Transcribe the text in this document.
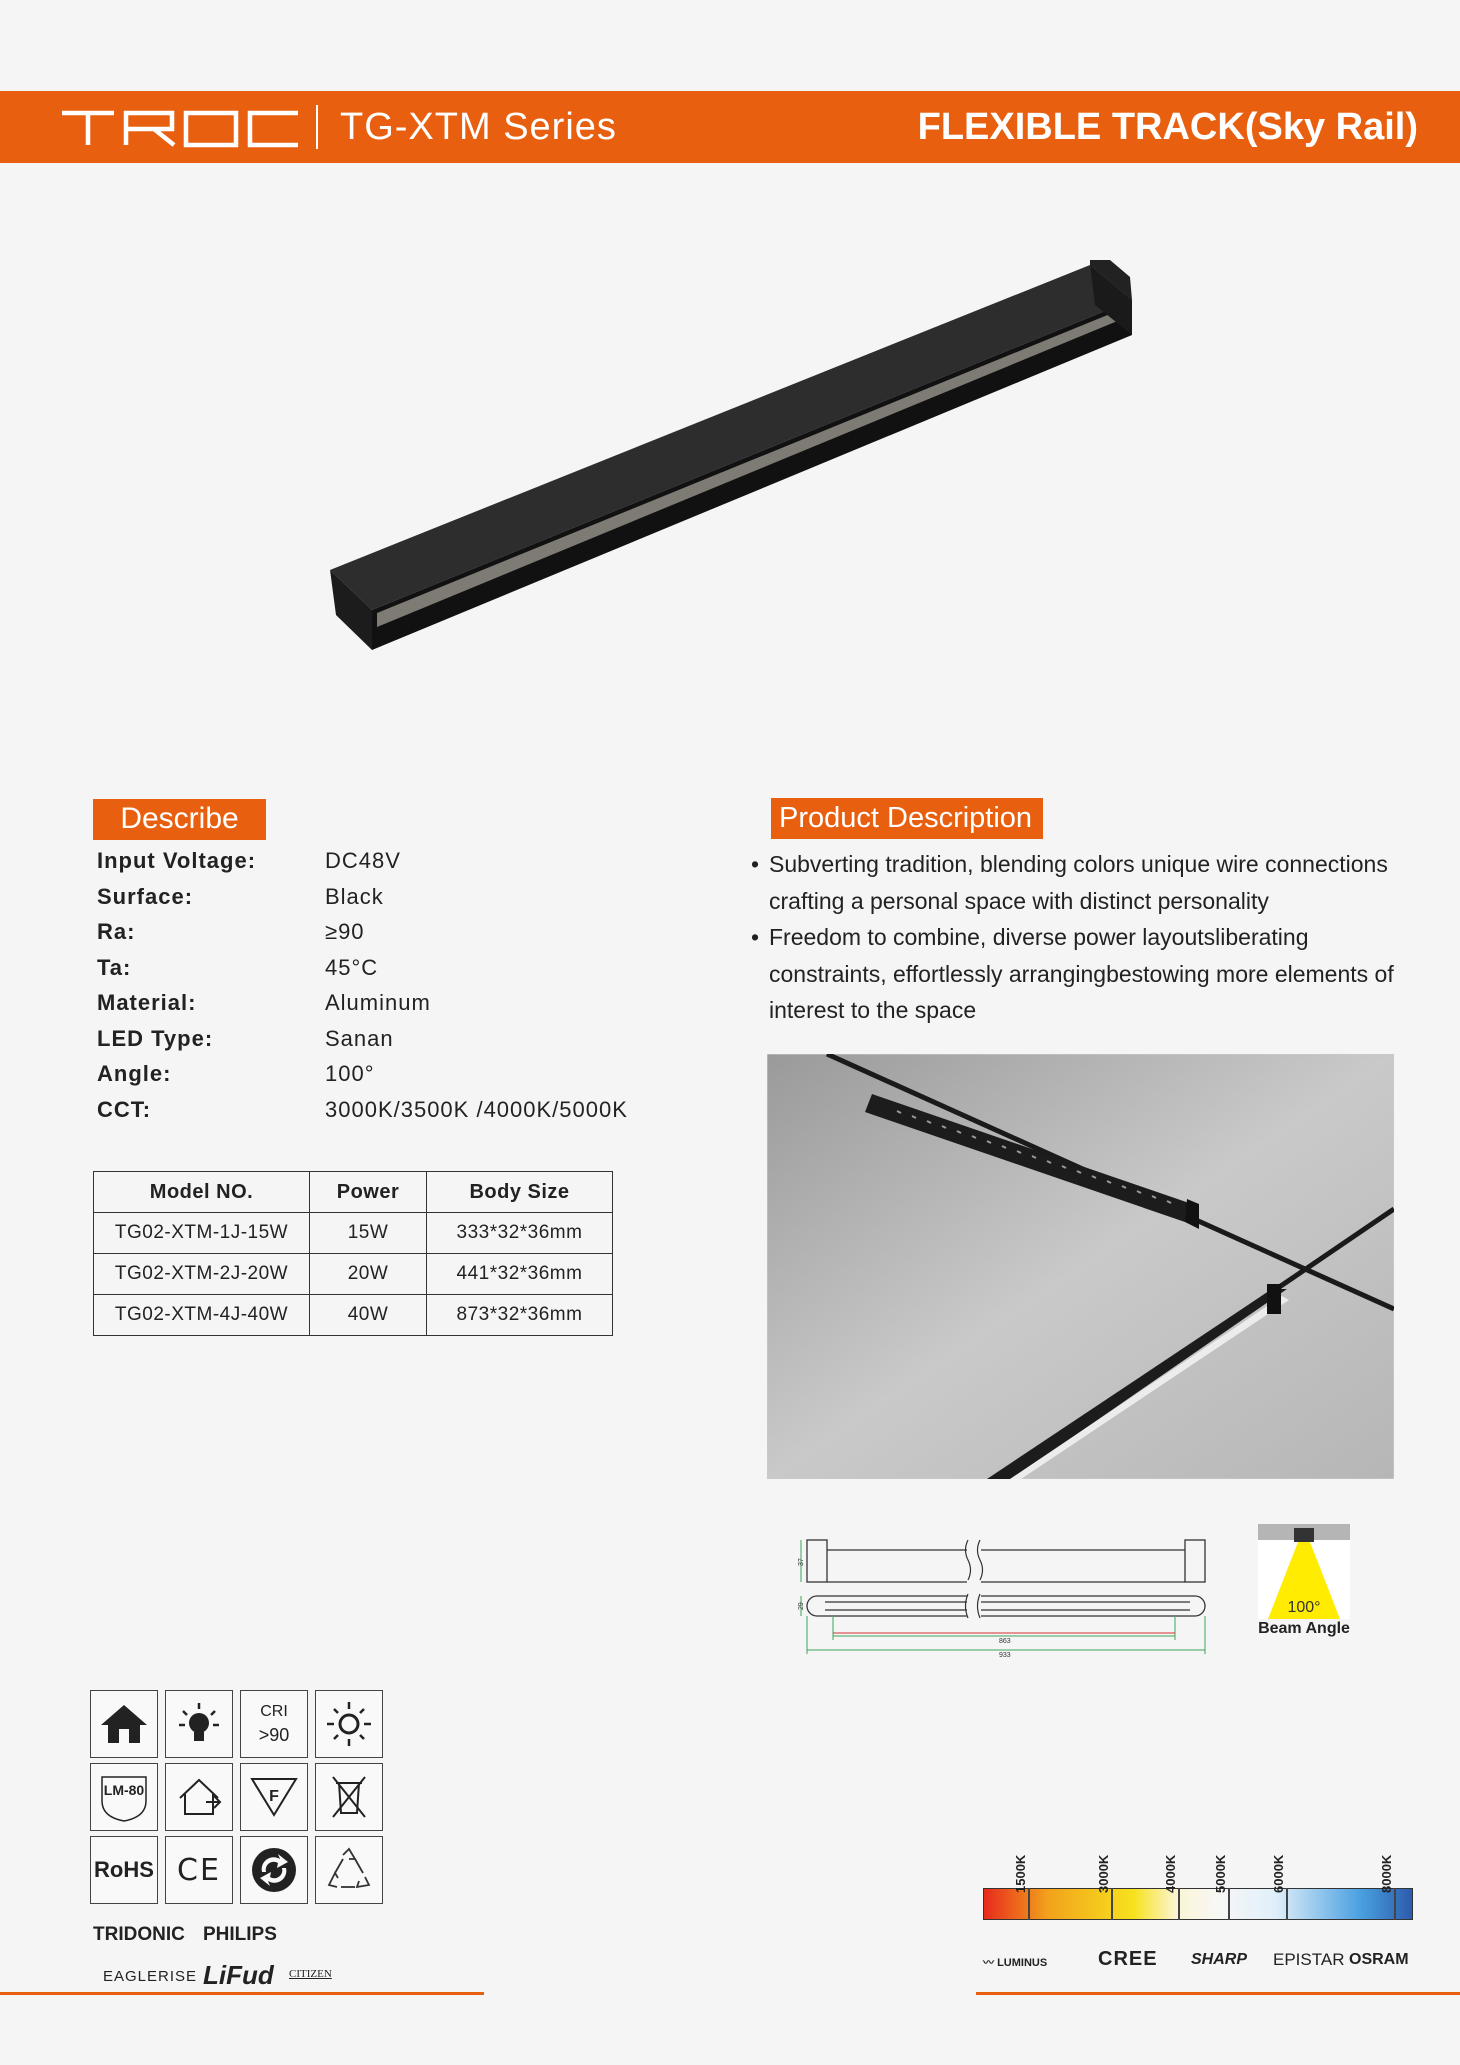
TG-XTM Series	FLEXIBLE TRACK(Sky Rail)
Describe
Input Voltage:	DC48V
Surface:	Black
Ra:	≥90
Ta:	45°C
Material:	Aluminum
LED Type:	Sanan
Angle:	100°
CCT:	3000K/3500K /4000K/5000K
Model NO.	Power	Body Size
TG02-XTM-1J-15W	15W	333*32*36mm
TG02-XTM-2J-20W	20W	441*32*36mm
TG02-XTM-4J-40W	40W	873*32*36mm
Product Description
• Subverting tradition, blending colors unique wire connections crafting a personal space with distinct personality
• Freedom to combine, diverse power layoutsliberating constraints, effortlessly arrangingbestowing more elements of interest to the space
37
29
863
933
100°
Beam Angle
CRI
>90
LM-80	F
RoHS CE
TRIDONIC PHILIPS
EAGLERISE LiFud CITIZEN
1500K	3000K	4000K	5000K	6000K	8000K
〰 LUMINUS	CREE SHARP EPISTAR OSRAM
